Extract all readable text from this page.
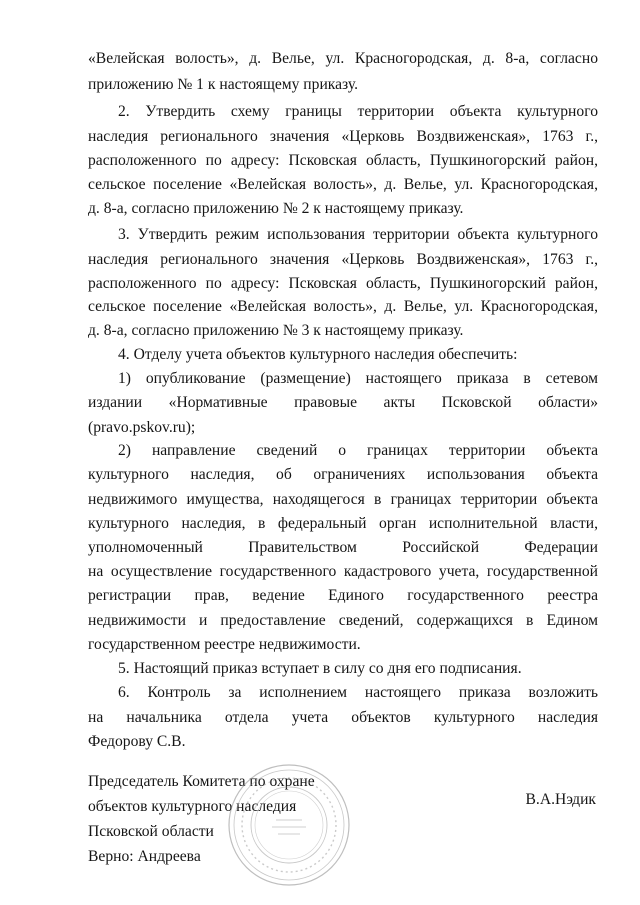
«Велейская волость», д. Велье, ул. Красногородская, д. 8-а, согласно
приложению № 1 к настоящему приказу.
2. Утвердить схему границы территории объекта культурного
наследия регионального значения «Церковь Воздвиженская», 1763 г.,
расположенного по адресу: Псковская область, Пушкиногорский район,
сельское поселение «Велейская волость», д. Велье, ул. Красногородская,
д. 8-а, согласно приложению № 2 к настоящему приказу.
3. Утвердить режим использования территории объекта культурного
наследия регионального значения «Церковь Воздвиженская», 1763 г.,
расположенного по адресу: Псковская область, Пушкиногорский район,
сельское поселение «Велейская волость», д. Велье, ул. Красногородская,
д. 8-а, согласно приложению № 3 к настоящему приказу.
4. Отделу учета объектов культурного наследия обеспечить:
1) опубликование (размещение) настоящего приказа в сетевом
издании «Нормативные правовые акты Псковской области»
(pravo.pskov.ru);
2) направление сведений о границах территории объекта
культурного наследия, об ограничениях использования объекта
недвижимого имущества, находящегося в границах территории объекта
культурного наследия, в федеральный орган исполнительной власти,
уполномоченный Правительством Российской Федерации
на осуществление государственного кадастрового учета, государственной
регистрации прав, ведение Единого государственного реестра
недвижимости и предоставление сведений, содержащихся в Едином
государственном реестре недвижимости.
5. Настоящий приказ вступает в силу со дня его подписания.
6. Контроль за исполнением настоящего приказа возложить
на начальника отдела учета объектов культурного наследия
Федорову С.В.
Председатель Комитета по охране
объектов культурного наследия
Псковской области
Верно: Андреева
В.А.Нэдик
